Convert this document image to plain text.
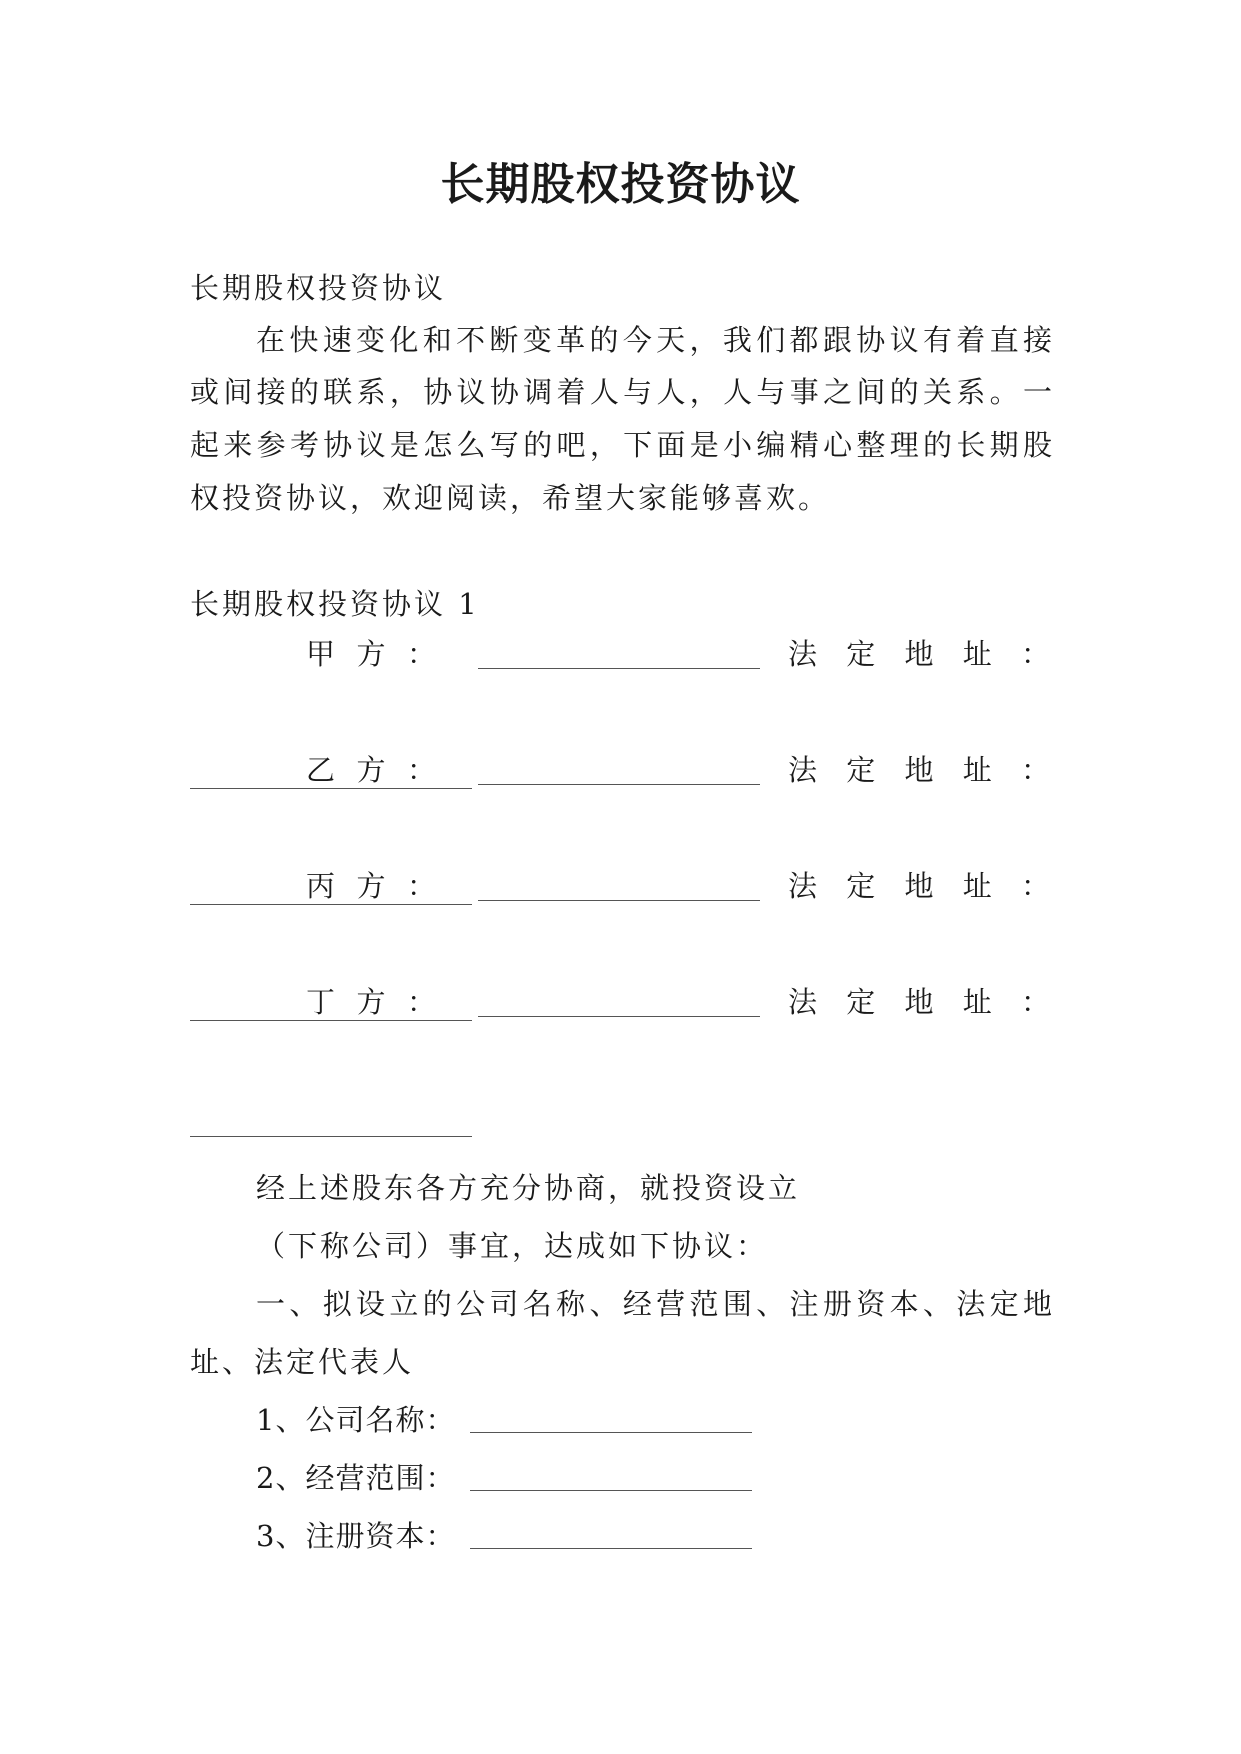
长期股权投资协议
长期股权投资协议
在快速变化和不断变革的今天，我们都跟协议有着直接
或间接的联系，协议协调着人与人，人与事之间的关系。一
起来参考协议是怎么写的吧，下面是小编精心整理的长期股
权投资协议，欢迎阅读，希望大家能够喜欢。
长期股权投资协议 1
甲 方 ：	法 定 地 址 ：
乙 方 ：	法 定 地 址 ：
丙 方 ：	法 定 地 址 ：
丁 方 ：	法 定 地 址 ：
经上述股东各方充分协商，就投资设立
（下称公司）事宜，达成如下协议：
一、拟设立的公司名称、经营范围、注册资本、法定地
址、法定代表人
1、公司名称：
2、经营范围：
3、注册资本：
